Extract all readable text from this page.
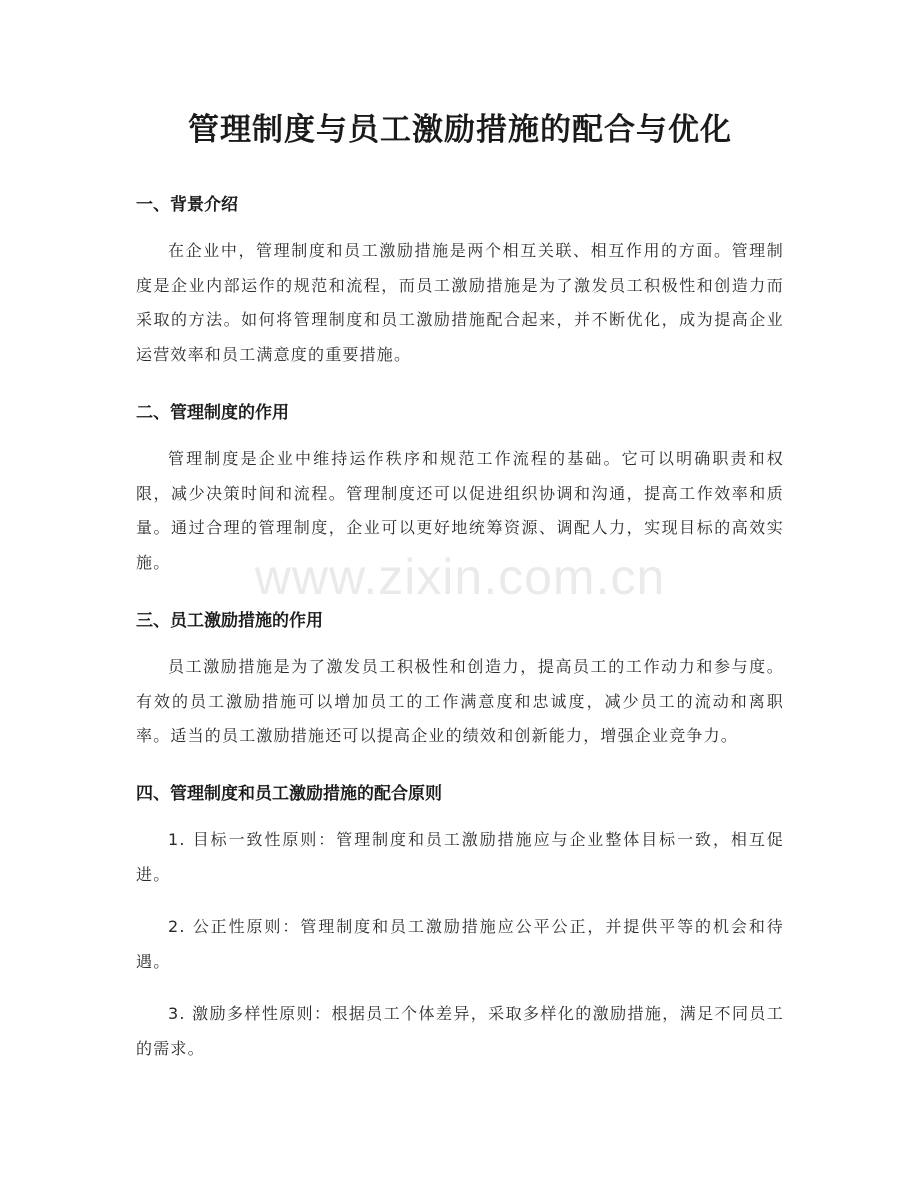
管理制度与员工激励措施的配合与优化
一、背景介绍

在企业中，管理制度和员工激励措施是两个相互关联、相互作用的方面。管理制度是企业内部运作的规范和流程，而员工激励措施是为了激发员工积极性和创造力而采取的方法。如何将管理制度和员工激励措施配合起来，并不断优化，成为提高企业运营效率和员工满意度的重要措施。

二、管理制度的作用

管理制度是企业中维持运作秩序和规范工作流程的基础。它可以明确职责和权限，减少决策时间和流程。管理制度还可以促进组织协调和沟通，提高工作效率和质量。通过合理的管理制度，企业可以更好地统筹资源、调配人力，实现目标的高效实施。

三、员工激励措施的作用

员工激励措施是为了激发员工积极性和创造力，提高员工的工作动力和参与度。有效的员工激励措施可以增加员工的工作满意度和忠诚度，减少员工的流动和离职率。适当的员工激励措施还可以提高企业的绩效和创新能力，增强企业竞争力。

四、管理制度和员工激励措施的配合原则

1. 目标一致性原则：管理制度和员工激励措施应与企业整体目标一致，相互促进。

2. 公正性原则：管理制度和员工激励措施应公平公正，并提供平等的机会和待遇。

3. 激励多样性原则：根据员工个体差异，采取多样化的激励措施，满足不同员工的需求。

www.zixin.com.cn
